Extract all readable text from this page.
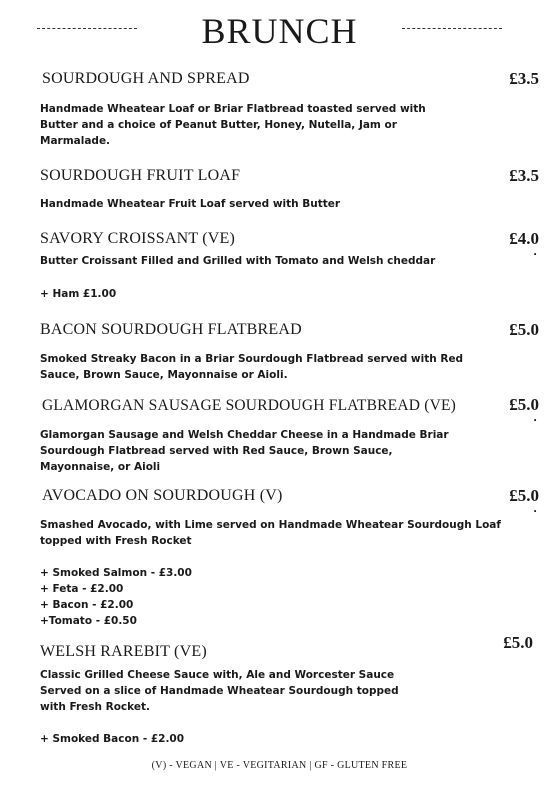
BRUNCH
SOURDOUGH AND SPREAD	£3.5
Handmade Wheatear Loaf or Briar Flatbread toasted served with
Butter and a choice of Peanut Butter, Honey, Nutella, Jam or
Marmalade.
SOURDOUGH FRUIT LOAF	£3.5
Handmade Wheatear Fruit Loaf served with Butter
SAVORY CROISSANT (VE)	£4.0
.
Butter Croissant Filled and Grilled with Tomato and Welsh cheddar
+ Ham £1.00
BACON SOURDOUGH FLATBREAD	£5.0
Smoked Streaky Bacon in a Briar Sourdough Flatbread served with Red
Sauce, Brown Sauce, Mayonnaise or Aioli.
GLAMORGAN SAUSAGE SOURDOUGH FLATBREAD (VE)	£5.0
.
Glamorgan Sausage and Welsh Cheddar Cheese in a Handmade Briar
Sourdough Flatbread served with Red Sauce, Brown Sauce,
Mayonnaise, or Aioli
AVOCADO ON SOURDOUGH (V)	£5.0
.
Smashed Avocado, with Lime served on Handmade Wheatear Sourdough Loaf
topped with Fresh Rocket
+ Smoked Salmon - £3.00
+ Feta - £2.00
+ Bacon - £2.00
+Tomato - £0.50
WELSH RAREBIT (VE)	£5.0
Classic Grilled Cheese Sauce with, Ale and Worcester Sauce
Served on a slice of Handmade Wheatear Sourdough topped
with Fresh Rocket.
+ Smoked Bacon - £2.00
(V) - VEGAN | VE - VEGITARIAN | GF - GLUTEN FREE
